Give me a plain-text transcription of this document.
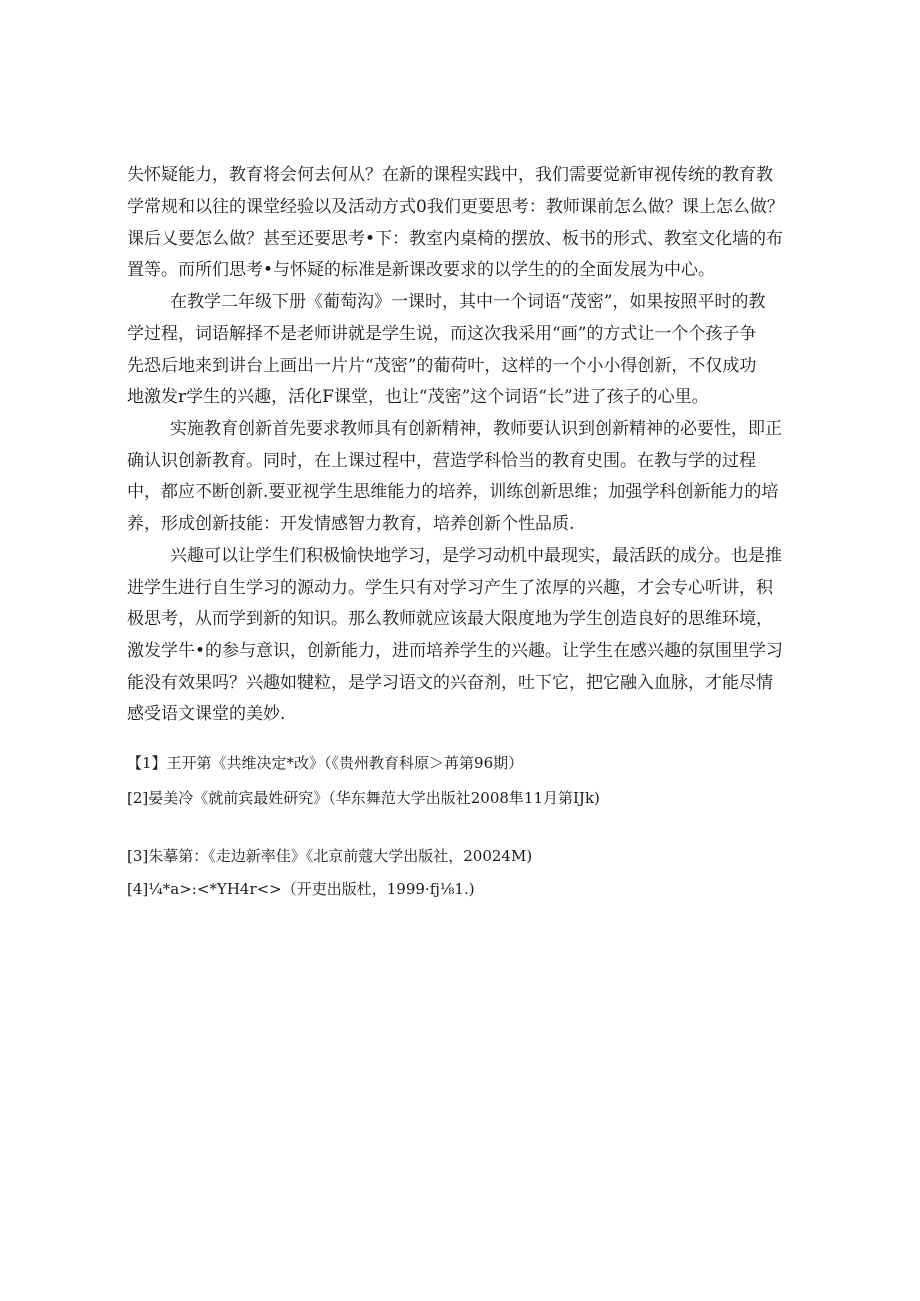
失怀疑能力，教育将会何去何从？在新的课程实践中，我们需要觉新审视传统的教育教

学常规和以往的课堂经验以及活动方式0我们更要思考：教师课前怎么做？课上怎么做？

课后乂要怎么做？甚至还要思考•下：教室内桌椅的摆放、板书的形式、教室文化墙的布

置等。而所们思考•与怀疑的标准是新课改要求的以学生的的全面发展为中心。

在教学二年级下册《葡萄沟》一课时，其中一个词语“茂密”，如果按照平时的教

学过程，词语解择不是老师讲就是学生说，而这次我采用“画”的方式让一个个孩子争

先恐后地来到讲台上画出一片片“茂密”的葡荷叶，这样的一个小小得创新，不仅成功

地激发r学生的兴趣，活化F课堂，也让“茂密”这个词语“长”进了孩子的心里。

实施教育创新首先要求教师具有创新精神，教师要认识到创新精神的必要性，即正

确认识创新教育。同时，在上课过程中，营造学科恰当的教育史围。在教与学的过程

中，都应不断创新.要亚视学生思维能力的培养，训练创新思维；加强学科创新能力的培

养，形成创新技能：开发情感智力教育，培养创新个性品质.

兴趣可以让学生们积极愉快地学习，是学习动机中最现实，最活跃的成分。也是推

进学生进行自生学习的源动力。学生只有对学习产生了浓厚的兴趣，才会专心听讲，积

极思考，从而学到新的知识。那么教师就应该最大限度地为学生创造良好的思维环境，

激发学牛•的参与意识，创新能力，进而培养学生的兴趣。让学生在感兴趣的氛围里学习

能没有效果吗？兴趣如犍粒，是学习语文的兴奋剂，吐下它，把它融入血脉，才能尽情

感受语文课堂的美妙.

【1】王开第《共维决定*改》（《贵州教育科原＞苒第96期）

[2]晏美冷《就前宾最姓研究》（华东舞范大学出版社2008隼11月第IJk)

[3]朱摹第：《走边新率佳》《北京前蔻大学出版社，20024M)

[4]¼*a>:<*YH4r<>（开吏出版杜，1999·fj⅛1.)
